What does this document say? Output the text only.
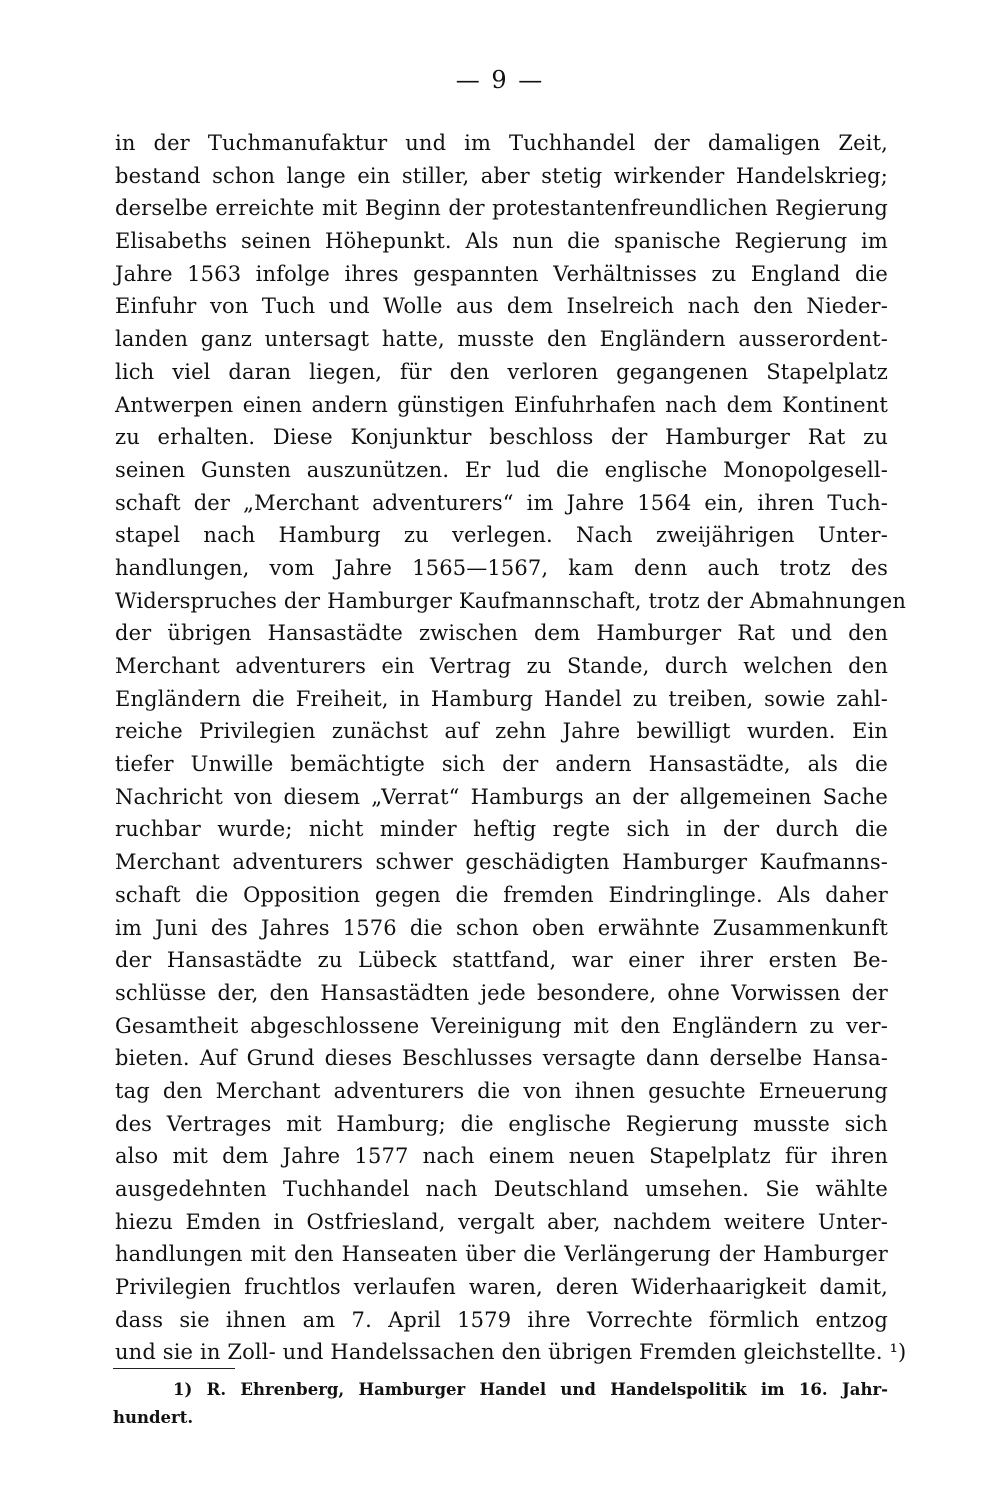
— 9 —
in der Tuchmanufaktur und im Tuchhandel der damaligen Zeit,
bestand schon lange ein stiller, aber stetig wirkender Handelskrieg;
derselbe erreichte mit Beginn der protestantenfreundlichen Regierung
Elisabeths seinen Höhepunkt. Als nun die spanische Regierung im
Jahre 1563 infolge ihres gespannten Verhältnisses zu England die
Einfuhr von Tuch und Wolle aus dem Inselreich nach den Nieder-
landen ganz untersagt hatte, musste den Engländern ausserordent-
lich viel daran liegen, für den verloren gegangenen Stapelplatz
Antwerpen einen andern günstigen Einfuhrhafen nach dem Kontinent
zu erhalten. Diese Konjunktur beschloss der Hamburger Rat zu
seinen Gunsten auszunützen. Er lud die englische Monopolgesell-
schaft der „Merchant adventurers“ im Jahre 1564 ein, ihren Tuch-
stapel nach Hamburg zu verlegen. Nach zweijährigen Unter-
handlungen, vom Jahre 1565—1567, kam denn auch trotz des
Widerspruches der Hamburger Kaufmannschaft, trotz der Abmahnungen
der übrigen Hansastädte zwischen dem Hamburger Rat und den
Merchant adventurers ein Vertrag zu Stande, durch welchen den
Engländern die Freiheit, in Hamburg Handel zu treiben, sowie zahl-
reiche Privilegien zunächst auf zehn Jahre bewilligt wurden. Ein
tiefer Unwille bemächtigte sich der andern Hansastädte, als die
Nachricht von diesem „Verrat“ Hamburgs an der allgemeinen Sache
ruchbar wurde; nicht minder heftig regte sich in der durch die
Merchant adventurers schwer geschädigten Hamburger Kaufmanns-
schaft die Opposition gegen die fremden Eindringlinge. Als daher
im Juni des Jahres 1576 die schon oben erwähnte Zusammenkunft
der Hansastädte zu Lübeck stattfand, war einer ihrer ersten Be-
schlüsse der, den Hansastädten jede besondere, ohne Vorwissen der
Gesamtheit abgeschlossene Vereinigung mit den Engländern zu ver-
bieten. Auf Grund dieses Beschlusses versagte dann derselbe Hansa-
tag den Merchant adventurers die von ihnen gesuchte Erneuerung
des Vertrages mit Hamburg; die englische Regierung musste sich
also mit dem Jahre 1577 nach einem neuen Stapelplatz für ihren
ausgedehnten Tuchhandel nach Deutschland umsehen. Sie wählte
hiezu Emden in Ostfriesland, vergalt aber, nachdem weitere Unter-
handlungen mit den Hanseaten über die Verlängerung der Hamburger
Privilegien fruchtlos verlaufen waren, deren Widerhaarigkeit damit,
dass sie ihnen am 7. April 1579 ihre Vorrechte förmlich entzog
und sie in Zoll- und Handelssachen den übrigen Fremden gleichstellte. ¹)
1) R. Ehrenberg, Hamburger Handel und Handelspolitik im 16. Jahr-
hundert.
